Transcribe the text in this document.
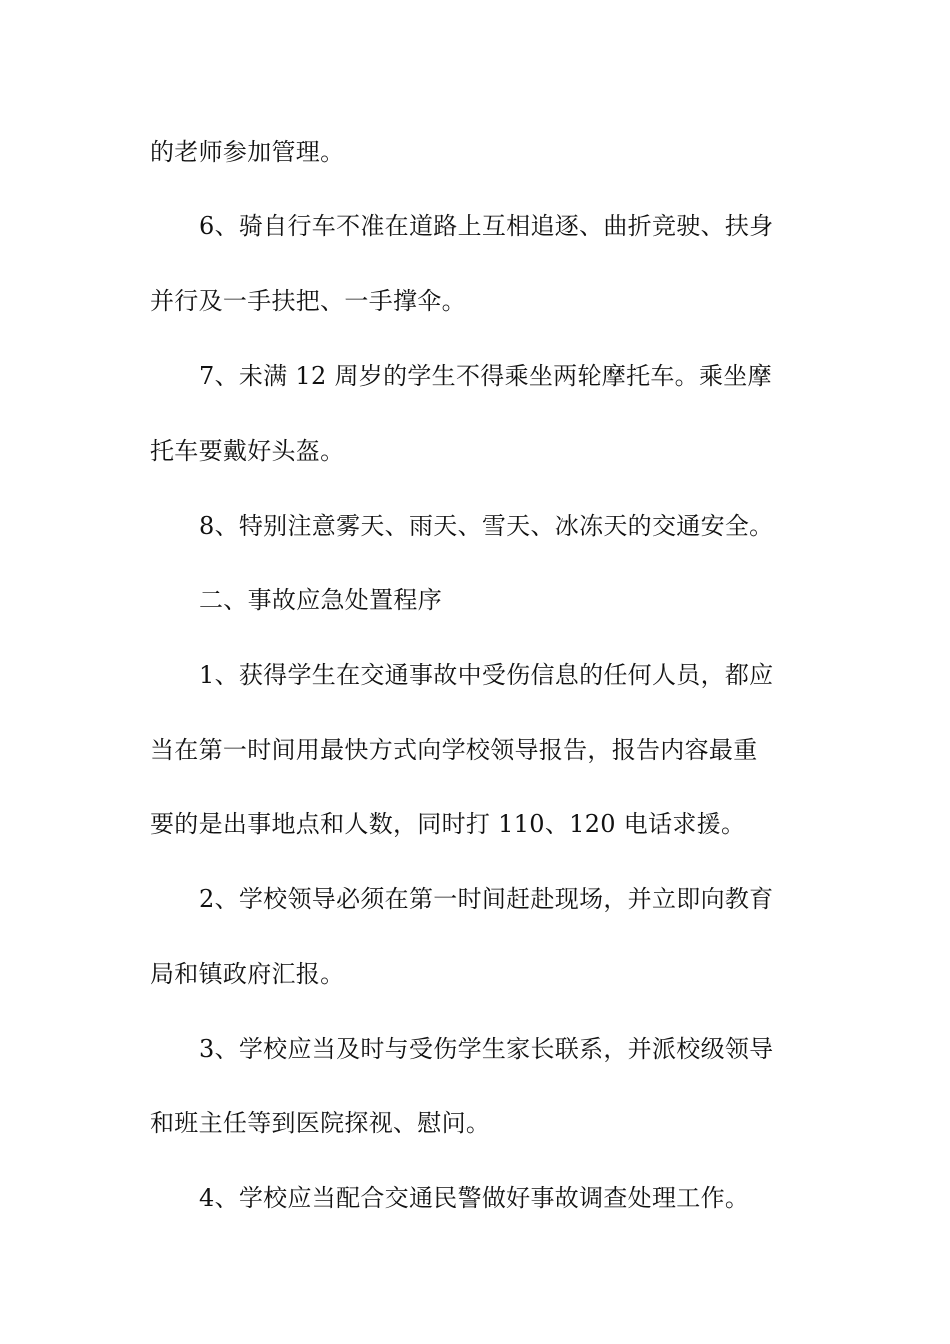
的老师参加管理。
6、骑自行车不准在道路上互相追逐、曲折竞驶、扶身
并行及一手扶把、一手撑伞。
7、未满 12 周岁的学生不得乘坐两轮摩托车。乘坐摩
托车要戴好头盔。
8、特别注意雾天、雨天、雪天、冰冻天的交通安全。
二、事故应急处置程序
1、获得学生在交通事故中受伤信息的任何人员，都应
当在第一时间用最快方式向学校领导报告，报告内容最重
要的是出事地点和人数，同时打 110、120 电话求援。
2、学校领导必须在第一时间赶赴现场，并立即向教育
局和镇政府汇报。
3、学校应当及时与受伤学生家长联系，并派校级领导
和班主任等到医院探视、慰问。
4、学校应当配合交通民警做好事故调查处理工作。
